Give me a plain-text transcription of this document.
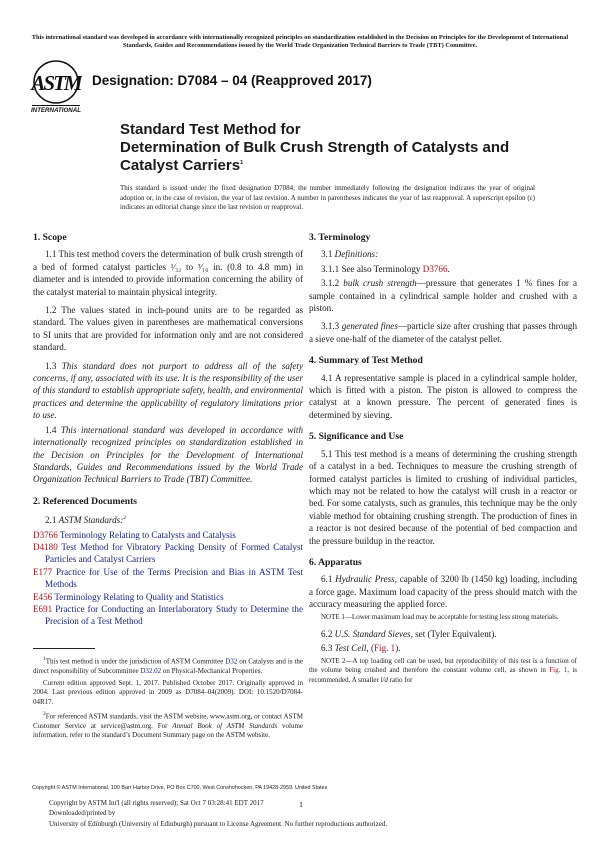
This international standard was developed in accordance with internationally recognized principles on standardization established in the Decision on Principles for the Development of International Standards, Guides and Recommendations issued by the World Trade Organization Technical Barriers to Trade (TBT) Committee.
ASTM
INTERNATIONAL
Designation: D7084 – 04 (Reapproved 2017)
Standard Test Method for
Determination of Bulk Crush Strength of Catalysts and
Catalyst Carriers$^1$
This standard is issued under the fixed designation D7084; the number immediately following the designation indicates the year of original adoption or, in the case of revision, the year of last revision. A number in parentheses indicates the year of last reapproval. A superscript epsilon (ε) indicates an editorial change since the last revision or reapproval.
1. Scope

1.1 This test method covers the determination of bulk crush strength of a bed of formed catalyst particles ¹⁄₃₂ to ³⁄₁₆ in. (0.8 to 4.8 mm) in diameter and is intended to provide information concerning the ability of the catalyst material to maintain physical integrity.

1.2 The values stated in inch-pound units are to be regarded as standard. The values given in parentheses are mathematical conversions to SI units that are provided for information only and are not considered standard.

1.3 This standard does not purport to address all of the safety concerns, if any, associated with its use. It is the responsibility of the user of this standard to establish appropriate safety, health, and environmental practices and determine the applicability of regulatory limitations prior to use.

1.4 This international standard was developed in accordance with internationally recognized principles on standardization established in the Decision on Principles for the Development of International Standards, Guides and Recommendations issued by the World Trade Organization Technical Barriers to Trade (TBT) Committee.

2. Referenced Documents

2.1 ASTM Standards:$^2$

D3766 Terminology Relating to Catalysts and Catalysis
D4180 Test Method for Vibratory Packing Density of Formed Catalyst Particles and Catalyst Carriers
E177 Practice for Use of the Terms Precision and Bias in ASTM Test Methods
E456 Terminology Relating to Quality and Statistics
E691 Practice for Conducting an Interlaboratory Study to Determine the Precision of a Test Method

$^1$This test method is under the jurisdiction of ASTM Committee D32 on Catalysts and is the direct responsibility of Subcommittee D32.02 on Physical-Mechanical Properties.

Current edition approved Sept. 1, 2017. Published October 2017. Originally approved in 2004. Last previous edition approved in 2009 as D7084–04(2009). DOI: 10.1520/D7084-04R17.

$^2$For referenced ASTM standards, visit the ASTM website, www.astm.org, or contact ASTM Customer Service at service@astm.org. For Annual Book of ASTM Standards volume information, refer to the standard’s Document Summary page on the ASTM website.

3. Terminology

3.1 Definitions:

3.1.1 See also Terminology D3766.

3.1.2 bulk crush strength—pressure that generates 1 % fines for a sample contained in a cylindrical sample holder and crushed with a piston.

3.1.3 generated fines—particle size after crushing that passes through a sieve one-half of the diameter of the catalyst pellet.

4. Summary of Test Method

4.1 A representative sample is placed in a cylindrical sample holder, which is fitted with a piston. The piston is allowed to compress the catalyst at a known pressure. The percent of generated fines is determined by sieving.

5. Significance and Use

5.1 This test method is a means of determining the crushing strength of a catalyst in a bed. Techniques to measure the crushing strength of formed catalyst particles is limited to crushing of individual particles, which may not be related to how the catalyst will crush in a reactor or bed. For some catalysts, such as granules, this technique may be the only viable method for obtaining crushing strength. The production of fines in a reactor is not desired because of the potential of bed compaction and the pressure buildup in the reactor.

6. Apparatus

6.1 Hydraulic Press, capable of 3200 lb (1450 kg) loading, including a force gage. Maximum load capacity of the press should match with the accuracy measuring the applied force.

NOTE 1—Lower maximum load may be acceptable for testing less strong materials.

6.2 U.S. Standard Sieves, set (Tyler Equivalent).

6.3 Test Cell, (Fig. 1).

NOTE 2—A top loading cell can be used, but reproducibility of this test is a function of the volume being crushed and therefore the constant volume cell, as shown in Fig. 1, is recommended. A smaller l/d ratio for

Copyright © ASTM International, 100 Barr Harbor Drive, PO Box C700, West Conshohocken, PA 19428-2959. United States
Copyright by ASTM Int'l (all rights reserved); Sat Oct 7 03:28:41 EDT 2017
Downloaded/printed by
University of Edinburgh (University of Edinburgh) pursuant to License Agreement. No further reproductions authorized.
1
